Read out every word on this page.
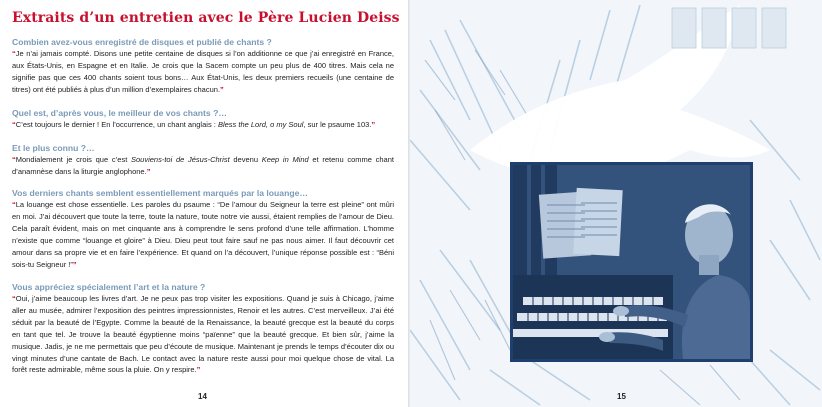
Extraits d’un entretien avec le Père Lucien Deiss
Combien avez-vous enregistré de disques et publié de chants ?
“Je n’ai jamais compté. Disons une petite centaine de disques si l’on additionne ce que j’ai enregistré en France, aux États-Unis, en Espagne et en Italie. Je crois que la Sacem compte un peu plus de 400 titres. Mais cela ne signifie pas que ces 400 chants soient tous bons… Aux État-Unis, les deux premiers recueils (une centaine de titres) ont été publiés à plus d’un million d’exemplaires chacun.”
Quel est, d’après vous, le meilleur de vos chants ?…
“C’est toujours le dernier ! En l’occurrence, un chant anglais : Bless the Lord, o my Soul, sur le psaume 103.”
Et le plus connu ?…
“Mondialement je crois que c’est Souviens-toi de Jésus-Christ devenu Keep in Mind et retenu comme chant d’anamnèse dans la liturgie anglophone.”
Vos derniers chants semblent essentiellement marqués par la louange…
“La louange est chose essentielle. Les paroles du psaume : “De l’amour du Seigneur la terre est pleine” ont mûri en moi. J’ai découvert que toute la terre, toute la nature, toute notre vie aussi, étaient remplies de l’amour de Dieu. Cela paraît évident, mais on met cinquante ans à comprendre le sens profond d’une telle affirmation. L’homme n’existe que comme “louange et gloire” à Dieu. Dieu peut tout faire sauf ne pas nous aimer. Il faut découvrir cet amour dans sa propre vie et en faire l’expérience. Et quand on l’a découvert, l’unique réponse possible est : “Béni sois-tu Seigneur !””
Vous appréciez spécialement l’art et la nature ?
“Oui, j’aime beaucoup les livres d’art. Je ne peux pas trop visiter les expositions. Quand je suis à Chicago, j’aime aller au musée, admirer l’exposition des peintres impressionnistes, Renoir et les autres. C’est merveilleux. J’ai été séduit par la beauté de l’Egypte. Comme la beauté de la Renaissance, la beauté grecque est la beauté du corps en tant que tel. Je trouve la beauté égyptienne moins “païenne” que la beauté grecque. Et bien sûr, j’aime la musique. Jadis, je ne me permettais que peu d’écoute de musique. Maintenant je prends le temps d’écouter dix ou vingt minutes d’une cantate de Bach. Le contact avec la nature reste aussi pour moi quelque chose de vital. La forêt reste admirable, même sous la pluie. On y respire.”
14	15
